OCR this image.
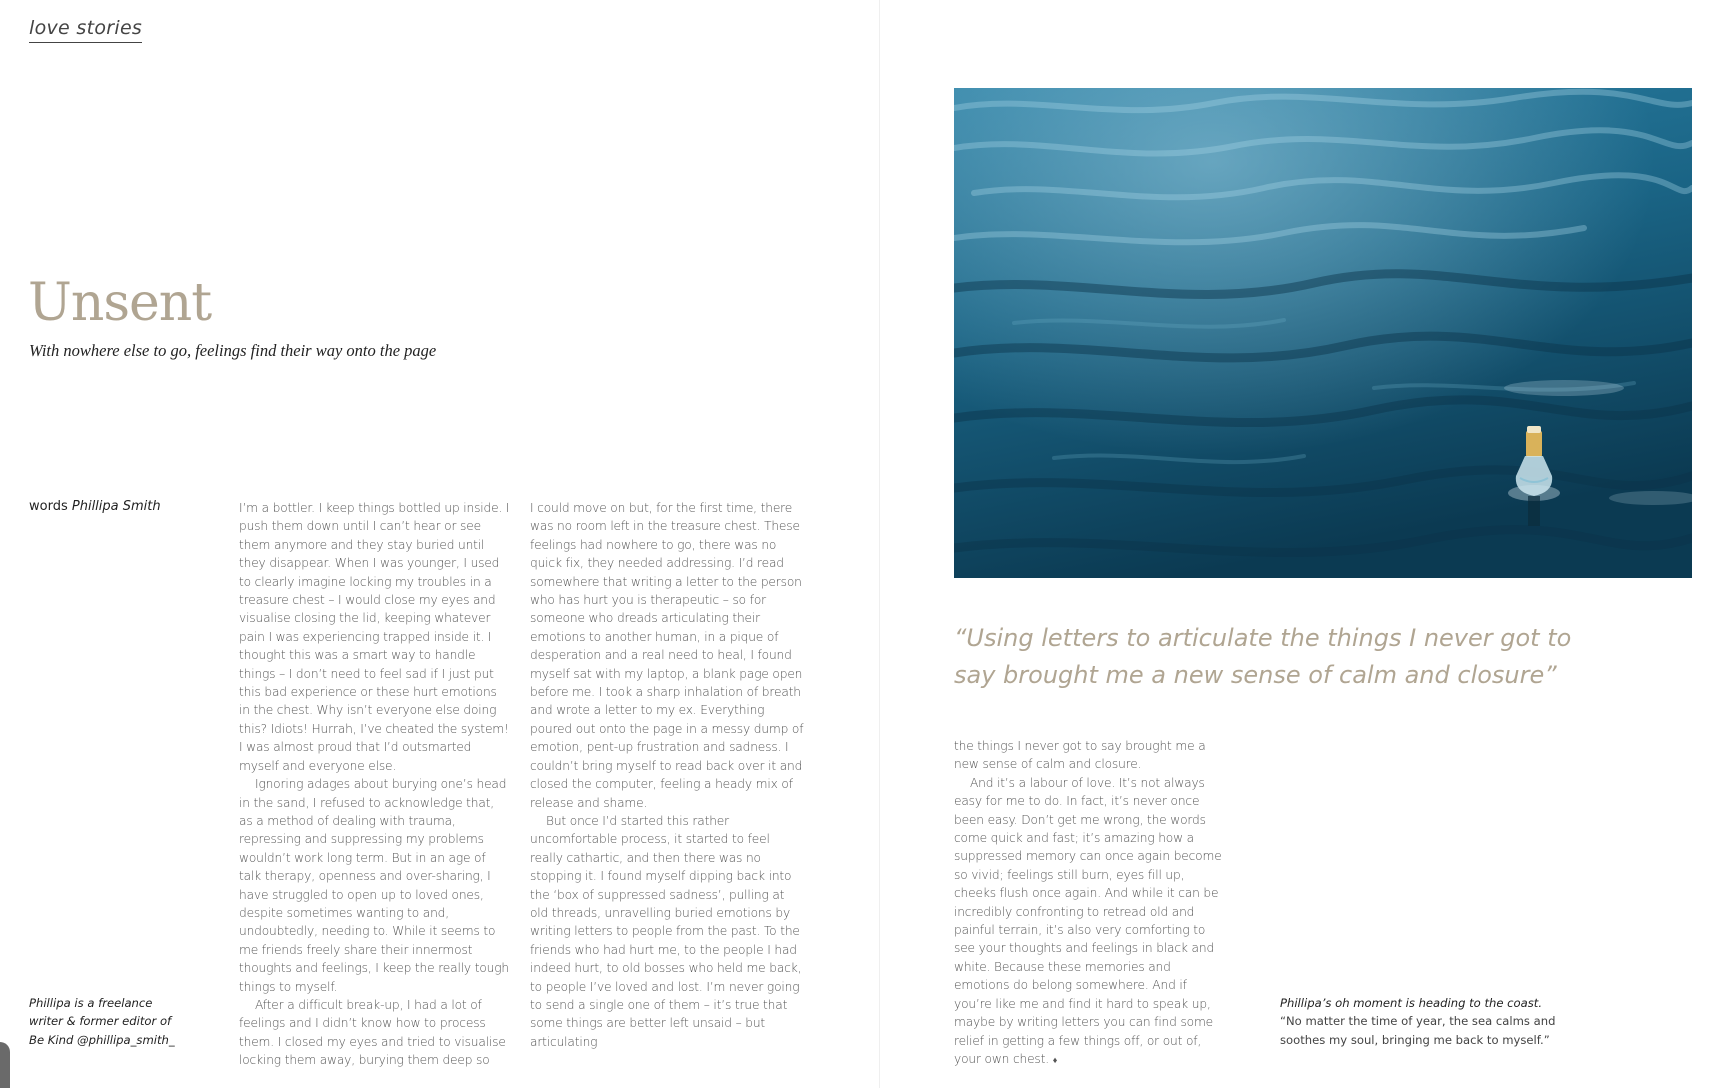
love stories
Unsent
With nowhere else to go, feelings find their way onto the page
words Phillipa Smith	I’m a bottler. I keep things bottled up inside. I push them down until I can’t hear or see them anymore and they stay buried until they disappear. When I was younger, I used to clearly imagine locking my troubles in a treasure chest – I would close my eyes and visualise closing the lid, keeping whatever pain I was experiencing trapped inside it. I thought this was a smart way to handle things – I don’t need to feel sad if I just put this bad experience or these hurt emotions in the chest. Why isn’t everyone else doing this? Idiots! Hurrah, I’ve cheated the system! I was almost proud that I’d outsmarted myself and everyone else.

Ignoring adages about burying one’s head in the sand, I refused to acknowledge that, as a method of dealing with trauma, repressing and suppressing my problems wouldn’t work long term. But in an age of talk therapy, openness and over-sharing, I have struggled to open up to loved ones, despite sometimes wanting to and, undoubtedly, needing to. While it seems to me friends freely share their innermost thoughts and feelings, I keep the really tough things to myself.

After a difficult break-up, I had a lot of feelings and I didn’t know how to process them. I closed my eyes and tried to visualise locking them away, burying them deep so

I could move on but, for the first time, there was no room left in the treasure chest. These feelings had nowhere to go, there was no quick fix, they needed addressing. I’d read somewhere that writing a letter to the person who has hurt you is therapeutic – so for someone who dreads articulating their emotions to another human, in a pique of desperation and a real need to heal, I found myself sat with my laptop, a blank page open before me. I took a sharp inhalation of breath and wrote a letter to my ex. Everything poured out onto the page in a messy dump of emotion, pent-up frustration and sadness. I couldn’t bring myself to read back over it and closed the computer, feeling a heady mix of release and shame.

But once I’d started this rather uncomfortable process, it started to feel really cathartic, and then there was no stopping it. I found myself dipping back into the ‘box of suppressed sadness’, pulling at old threads, unravelling buried emotions by writing letters to people from the past. To the friends who had hurt me, to the people I had indeed hurt, to old bosses who held me back, to people I’ve loved and lost. I’m never going to send a single one of them – it’s true that some things are better left unsaid – but articulating

Phillipa is a freelance writer & former editor of Be Kind @phillipa_smith_

“Using letters to articulate the things I never got to say brought me a new sense of calm and closure”

the things I never got to say brought me a new sense of calm and closure.

And it’s a labour of love. It’s not always easy for me to do. In fact, it’s never once been easy. Don’t get me wrong, the words come quick and fast; it’s amazing how a suppressed memory can once again become so vivid; feelings still burn, eyes fill up, cheeks flush once again. And while it can be incredibly confronting to retread old and painful terrain, it’s also very comforting to see your thoughts and feelings in black and white. Because these memories and emotions do belong somewhere. And if you’re like me and find it hard to speak up, maybe by writing letters you can find some relief in getting a few things off, or out of, your own chest. ♦

Phillipa’s oh moment is heading to the coast.
“No matter the time of year, the sea calms and soothes my soul, bringing me back to myself.”
